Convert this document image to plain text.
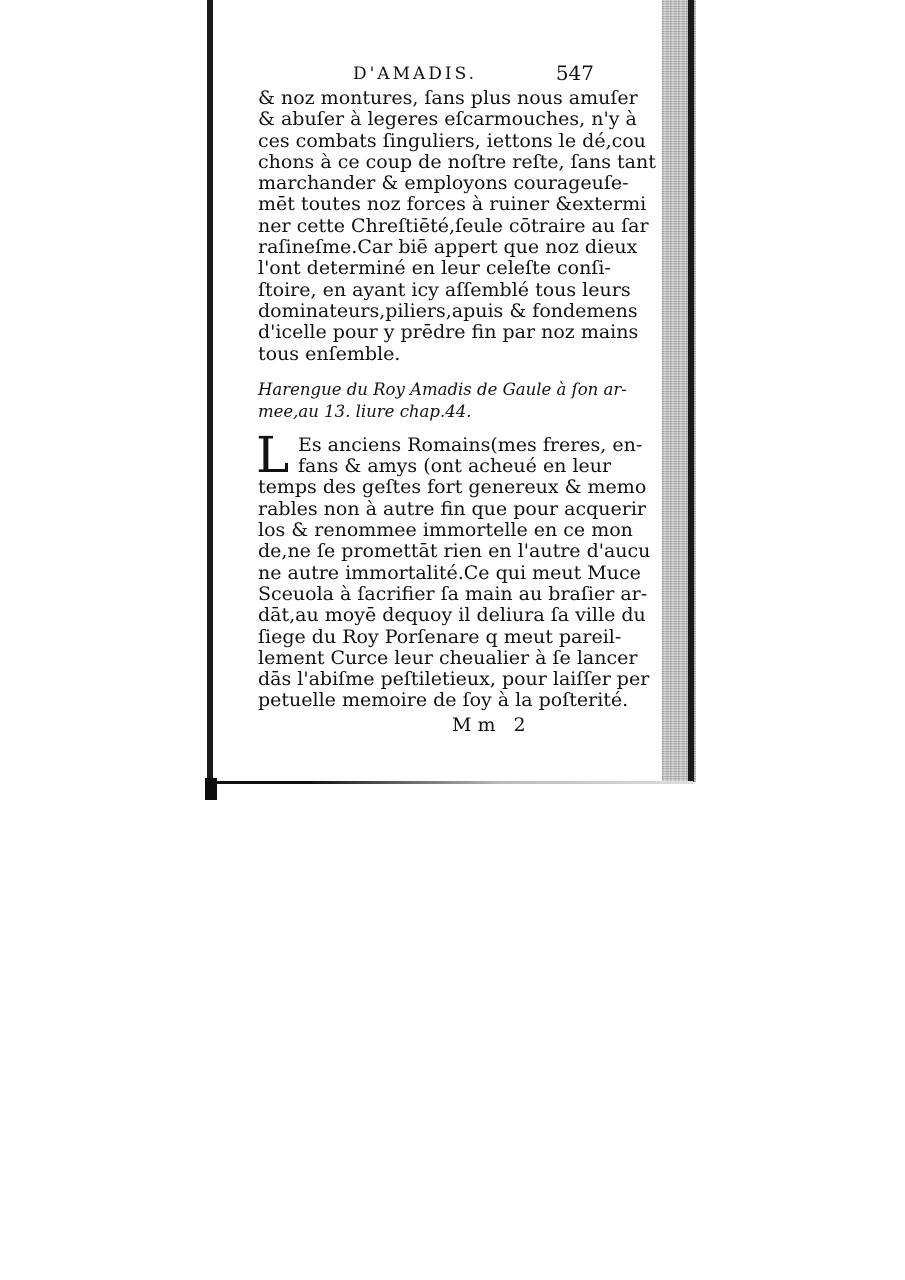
D'AMADIS.	547
& noz montures, ſans plus nous amuſer
& abuſer à legeres eſcarmouches, n'y à
ces combats ſinguliers, iettons le dé,cou
chons à ce coup de noſtre reſte, ſans tant
marchander & employons courageuſe-
mēt toutes noz forces à ruiner &extermi
ner cette Chreſtiēté,ſeule cōtraire au ſar
raſineſme.Car biē appert que noz dieux
l'ont determiné en leur celeſte conſi-
ſtoire, en ayant icy aſſemblé tous leurs
dominateurs,piliers,apuis & fondemens
d'icelle pour y prēdre fin par noz mains
tous enſemble.
Harengue du Roy Amadis de Gaule à ſon ar-
mee,au 13. liure chap.44.
L Es anciens Romains(mes freres, en-
fans & amys (ont acheué en leur
temps des geſtes fort genereux & memo
rables non à autre fin que pour acquerir
los & renommee immortelle en ce mon
de,ne ſe promettāt rien en l'autre d'aucu
ne autre immortalité.Ce qui meut Muce
Sceuola à ſacrifier ſa main au braſier ar-
dāt,au moyē dequoy il deliura ſa ville du
ſiege du Roy Porſenare q meut pareil-
lement Curce leur cheualier à ſe lancer
dās l'abiſme peſtiletieux, pour laiſſer per
petuelle memoire de ſoy à la poſterité.
Mm 2
